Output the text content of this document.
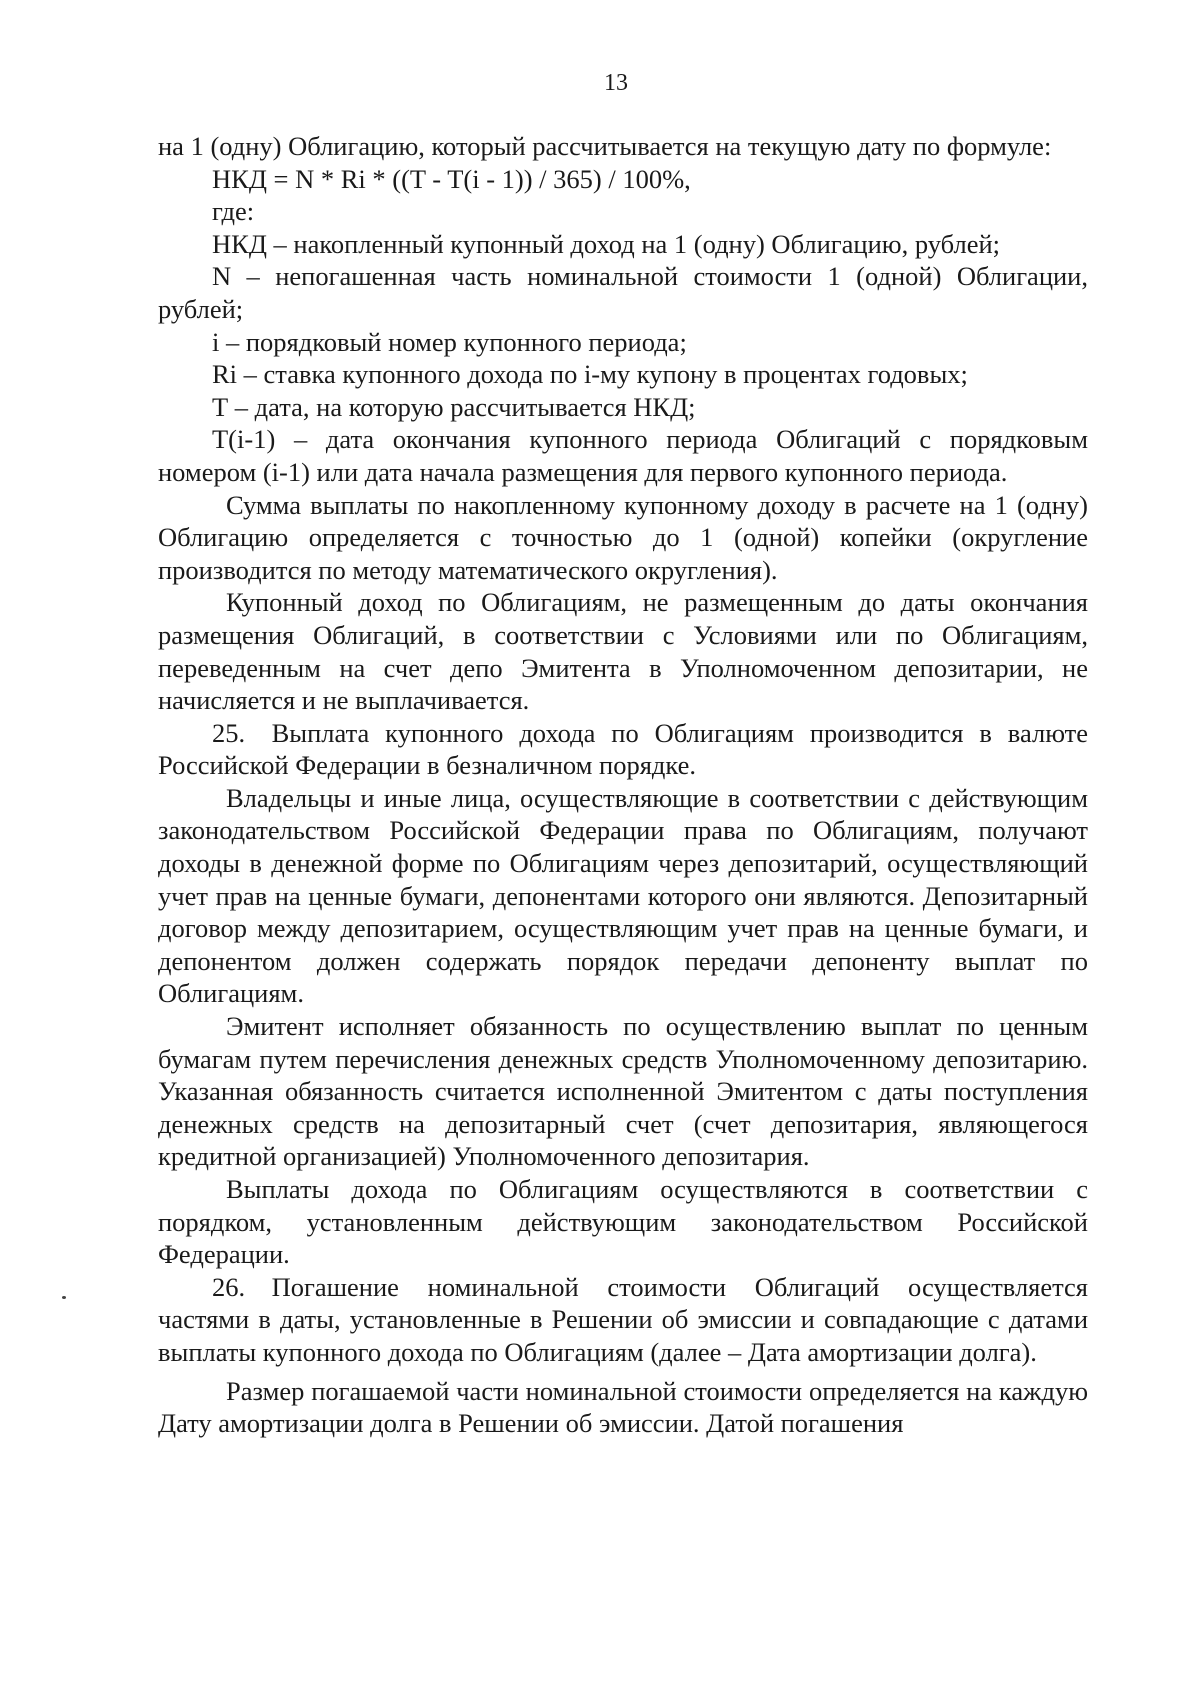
13

на 1 (одну) Облигацию, который рассчитывается на текущую дату по формуле:

НКД = N * Ri * ((T - T(i - 1)) / 365) / 100%,

где:

НКД – накопленный купонный доход на 1 (одну) Облигацию, рублей;

N – непогашенная часть номинальной стоимости 1 (одной) Облигации, рублей;

i – порядковый номер купонного периода;

Ri – ставка купонного дохода по i-му купону в процентах годовых;

Т – дата, на которую рассчитывается НКД;

Т(i-1) – дата окончания купонного периода Облигаций с порядковым номером (i-1) или дата начала размещения для первого купонного периода.

Сумма выплаты по накопленному купонному доходу в расчете на 1 (одну) Облигацию определяется с точностью до 1 (одной) копейки (округление производится по методу математического округления).

Купонный доход по Облигациям, не размещенным до даты окончания размещения Облигаций, в соответствии с Условиями или по Облигациям, переведенным на счет депо Эмитента в Уполномоченном депозитарии, не начисляется и не выплачивается.

25. Выплата купонного дохода по Облигациям производится в валюте Российской Федерации в безналичном порядке.

Владельцы и иные лица, осуществляющие в соответствии с действующим законодательством Российской Федерации права по Облигациям, получают доходы в денежной форме по Облигациям через депозитарий, осуществляющий учет прав на ценные бумаги, депонентами которого они являются. Депозитарный договор между депозитарием, осуществляющим учет прав на ценные бумаги, и депонентом должен содержать порядок передачи депоненту выплат по Облигациям.

Эмитент исполняет обязанность по осуществлению выплат по ценным бумагам путем перечисления денежных средств Уполномоченному депозитарию. Указанная обязанность считается исполненной Эмитентом с даты поступления денежных средств на депозитарный счет (счет депозитария, являющегося кредитной организацией) Уполномоченного депозитария.

Выплаты дохода по Облигациям осуществляются в соответствии с порядком, установленным действующим законодательством Российской Федерации.

26. Погашение номинальной стоимости Облигаций осуществляется частями в даты, установленные в Решении об эмиссии и совпадающие с датами выплаты купонного дохода по Облигациям (далее – Дата амортизации долга).

Размер погашаемой части номинальной стоимости определяется на каждую Дату амортизации долга в Решении об эмиссии. Датой погашения
